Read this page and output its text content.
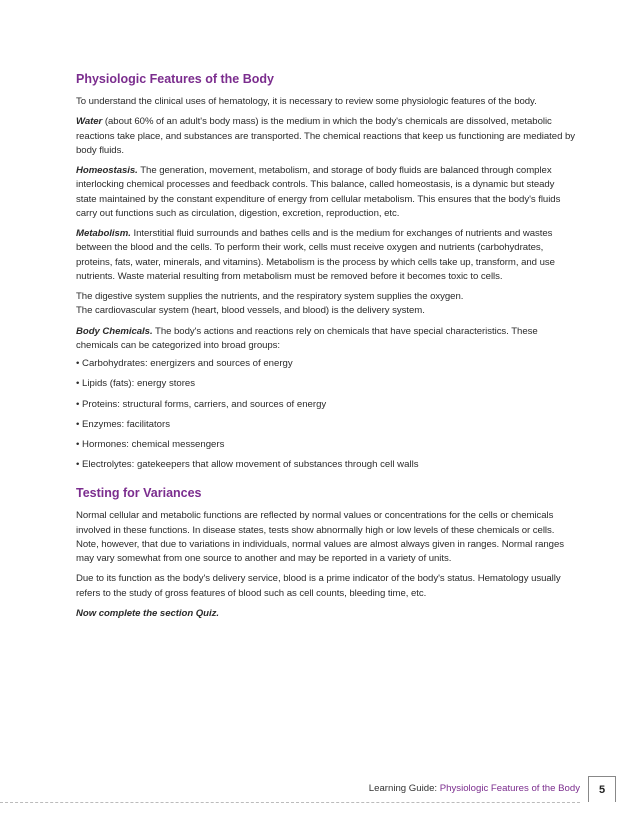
Physiologic Features of the Body

To understand the clinical uses of hematology, it is necessary to review some physiologic features of the body.

Water (about 60% of an adult's body mass) is the medium in which the body's chemicals are dissolved, metabolic reactions take place, and substances are transported. The chemical reactions that keep us functioning are mediated by body fluids.

Homeostasis. The generation, movement, metabolism, and storage of body fluids are balanced through complex interlocking chemical processes and feedback controls. This balance, called homeostasis, is a dynamic but steady state maintained by the constant expenditure of energy from cellular metabolism. This ensures that the body's fluids carry out functions such as circulation, digestion, excretion, reproduction, etc.

Metabolism. Interstitial fluid surrounds and bathes cells and is the medium for exchanges of nutrients and wastes between the blood and the cells. To perform their work, cells must receive oxygen and nutrients (carbohydrates, proteins, fats, water, minerals, and vitamins). Metabolism is the process by which cells take up, transform, and use nutrients. Waste material resulting from metabolism must be removed before it becomes toxic to cells.

The digestive system supplies the nutrients, and the respiratory system supplies the oxygen.
The cardiovascular system (heart, blood vessels, and blood) is the delivery system.

Body Chemicals. The body's actions and reactions rely on chemicals that have special characteristics. These chemicals can be categorized into broad groups:

• Carbohydrates: energizers and sources of energy
• Lipids (fats): energy stores
• Proteins: structural forms, carriers, and sources of energy
• Enzymes: facilitators
• Hormones: chemical messengers
• Electrolytes: gatekeepers that allow movement of substances through cell walls
Testing for Variances

Normal cellular and metabolic functions are reflected by normal values or concentrations for the cells or chemicals involved in these functions. In disease states, tests show abnormally high or low levels of these chemicals or cells. Note, however, that due to variations in individuals, normal values are almost always given in ranges. Normal ranges may vary somewhat from one source to another and may be reported in a variety of units.

Due to its function as the body's delivery service, blood is a prime indicator of the body's status. Hematology usually refers to the study of gross features of blood such as cell counts, bleeding time, etc.

Now complete the section Quiz.

Learning Guide: Physiologic Features of the Body	5
